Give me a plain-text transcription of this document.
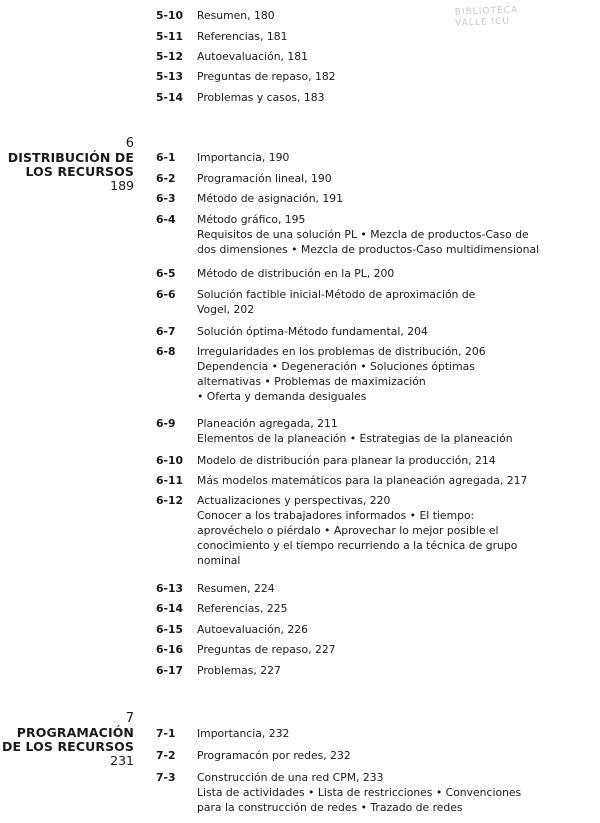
BIBLIOTECA
VALLE ICU
5-10 Resumen, 180
5-11 Referencias, 181
5-12 Autoevaluación, 181
5-13 Preguntas de repaso, 182
5-14 Problemas y casos, 183
6
DISTRIBUCIÓN DE
LOS RECURSOS
189
6-1 Importancia, 190
6-2 Programación lineal, 190
6-3 Método de asignación, 191
6-4 Método gráfico, 195
Requisitos de una solución PL • Mezcla de productos-Caso de
dos dimensiones • Mezcla de productos-Caso multidimensional
6-5 Método de distribución en la PL, 200
6-6 Solución factible inicial-Método de aproximación de
Vogel, 202
6-7 Solución óptima-Método fundamental, 204
6-8 Irregularidades en los problemas de distribución, 206
Dependencia • Degeneración • Soluciones óptimas
alternativas • Problemas de maximización
• Oferta y demanda desiguales
6-9 Planeación agregada, 211
Elementos de la planeación • Estrategias de la planeación
6-10 Modelo de distribución para planear la producción, 214
6-11 Más modelos matemáticos para la planeación agregada, 217
6-12 Actualizaciones y perspectivas, 220
Conocer a los trabajadores informados • El tiempo:
aprovéchelo o piérdalo • Aprovechar lo mejor posible el
conocimiento y el tiempo recurriendo a la técnica de grupo
nominal
6-13 Resumen, 224
6-14 Referencias, 225
6-15 Autoevaluación, 226
6-16 Preguntas de repaso, 227
6-17 Problemas, 227
7
PROGRAMACIÓN
DE LOS RECURSOS
231
7-1 Importancia, 232
7-2 Programacón por redes, 232
7-3 Construcción de una red CPM, 233
Lista de actividades • Lista de restricciones • Convenciones
para la construcción de redes • Trazado de redes
